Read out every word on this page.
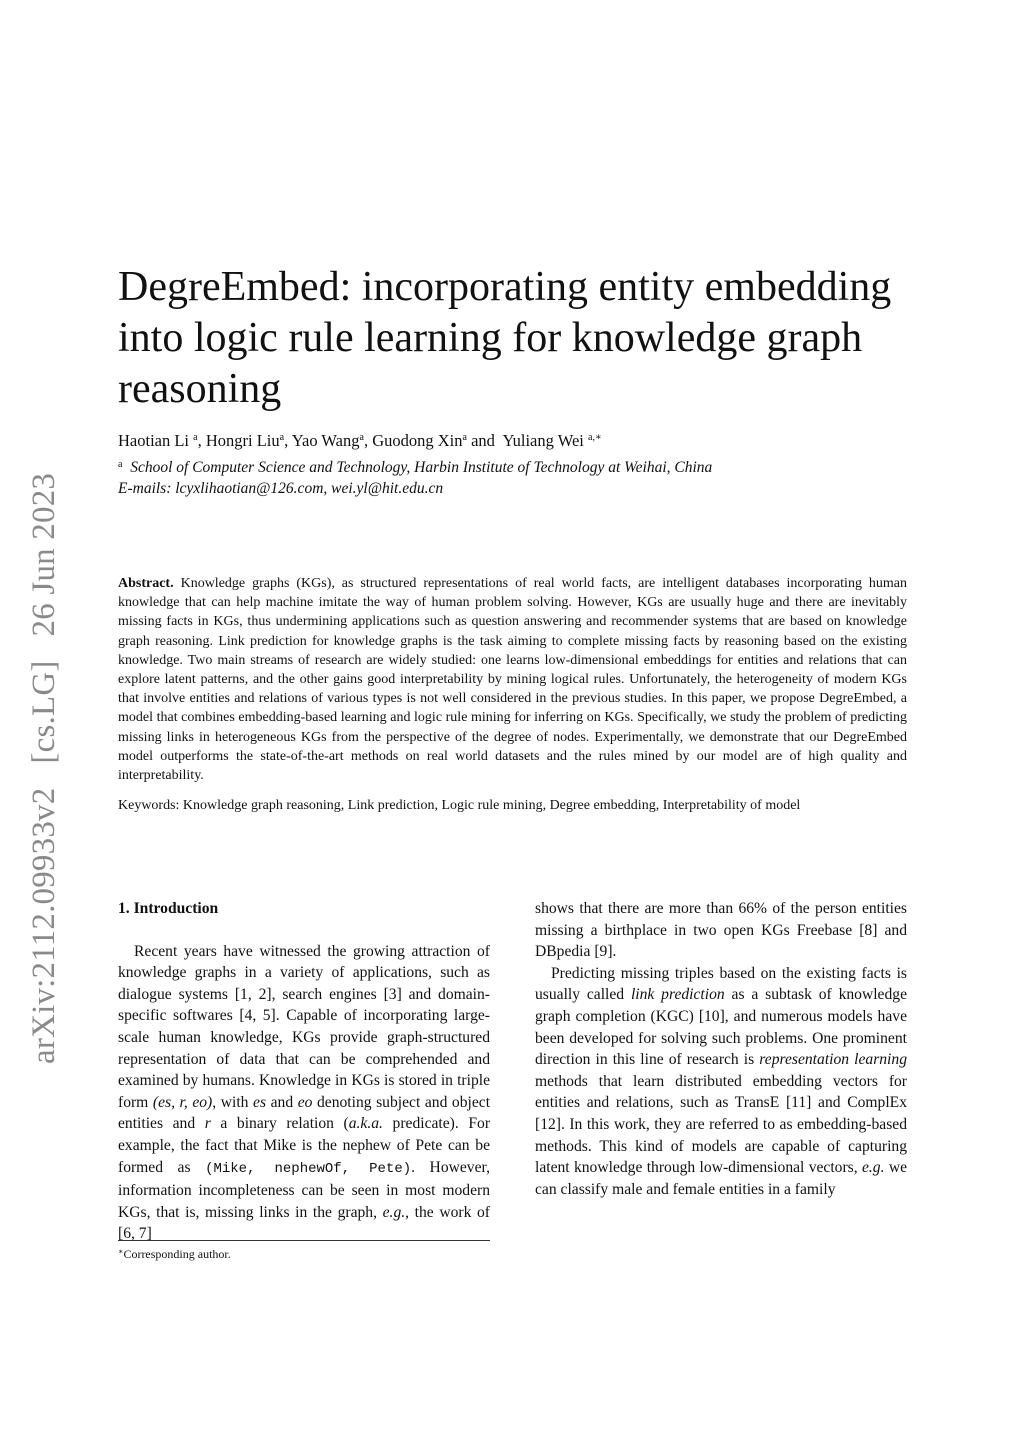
arXiv:2112.09933v2[cs.LG]26 Jun 2023
DegreEmbed: incorporating entity embedding into logic rule learning for knowledge graph reasoning
Haotian Li $^a$, Hongri Liu$^a$, Yao Wang$^a$, Guodong Xin$^a$ and Yuliang Wei $^{a,∗}$
$^a$ School of Computer Science and Technology, Harbin Institute of Technology at Weihai, China
E-mails: lcyxlihaotian@126.com, wei.yl@hit.edu.cn

Abstract. Knowledge graphs (KGs), as structured representations of real world facts, are intelligent databases incorporating human knowledge that can help machine imitate the way of human problem solving. However, KGs are usually huge and there are inevitably missing facts in KGs, thus undermining applications such as question answering and recommender systems that are based on knowledge graph reasoning. Link prediction for knowledge graphs is the task aiming to complete missing facts by reasoning based on the existing knowledge. Two main streams of research are widely studied: one learns low-dimensional embeddings for entities and relations that can explore latent patterns, and the other gains good interpretability by mining logical rules. Unfortunately, the heterogeneity of modern KGs that involve entities and relations of various types is not well considered in the previous studies. In this paper, we propose DegreEmbed, a model that combines embedding-based learning and logic rule mining for inferring on KGs. Specifically, we study the problem of predicting missing links in heterogeneous KGs from the perspective of the degree of nodes. Experimentally, we demonstrate that our DegreEmbed model outperforms the state-of-the-art methods on real world datasets and the rules mined by our model are of high quality and interpretability.

Keywords: Knowledge graph reasoning, Link prediction, Logic rule mining, Degree embedding, Interpretability of model
1. Introduction

Recent years have witnessed the growing attraction of knowledge graphs in a variety of applications, such as dialogue systems [1, 2], search engines [3] and domain-specific softwares [4, 5]. Capable of incorporating large-scale human knowledge, KGs provide graph-structured representation of data that can be comprehended and examined by humans. Knowledge in KGs is stored in triple form (es, r, eo), with es and eo denoting subject and object entities and r a binary relation (a.k.a. predicate). For example, the fact that Mike is the nephew of Pete can be formed as (Mike, nephewOf, Pete). However, information incompleteness can be seen in most modern KGs, that is, missing links in the graph, e.g., the work of [6, 7]

shows that there are more than 66% of the person entities missing a birthplace in two open KGs Freebase [8] and DBpedia [9].

Predicting missing triples based on the existing facts is usually called link prediction as a subtask of knowledge graph completion (KGC) [10], and numerous models have been developed for solving such problems. One prominent direction in this line of research is representation learning methods that learn distributed embedding vectors for entities and relations, such as TransE [11] and ComplEx [12]. In this work, they are referred to as embedding-based methods. This kind of models are capable of capturing latent knowledge through low-dimensional vectors, e.g. we can classify male and female entities in a family

∗Corresponding author.
